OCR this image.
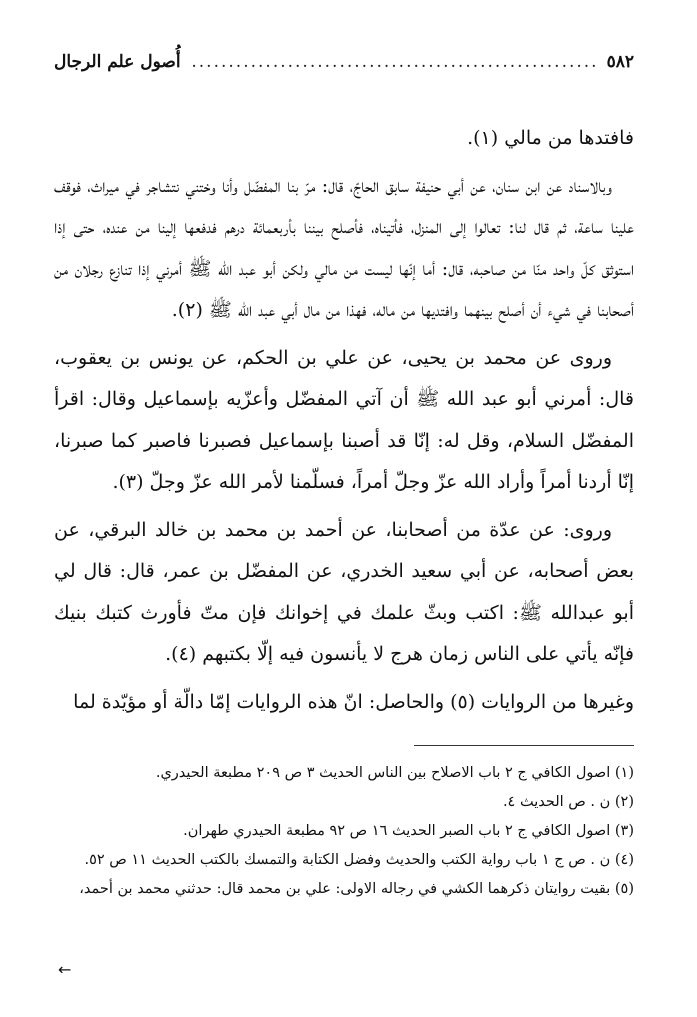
٥٨٢
.....
أُصول علم الرجال

فافتدها من مالي (١).

وبالاسناد عن ابن سنان، عن أبي حنيفة سابق الحاجّ، قال: مرّ بنا المفضّل وأنا وختني نتشاجر في ميراث، فوقف علينا ساعة، ثم قال لنا: تعالوا إلى المنزل، فأتيناه، فأصلح بيننا بأربعمائة درهم فدفعها إلينا من عنده، حتى إذا استوثق كلّ واحد منّا من صاحبه، قال: أما إنّها ليست من مالي ولكن أبو عبد الله ﷺ أمرني إذا تنازع رجلان من أصحابنا في شيء أن أصلح بينهما وافتديها من ماله، فهذا من مال أبي عبد الله ﷺ (٢).

وروى عن محمد بن يحيى، عن علي بن الحكم، عن يونس بن يعقوب، قال: أمرني أبو عبد الله ﷺ أن آتي المفضّل وأعزّيه بإسماعيل وقال: اقرأ المفضّل السلام، وقل له: إنّا قد أصبنا بإسماعيل فصبرنا فاصبر كما صبرنا، إنّا أردنا أمراً وأراد الله عزّ وجلّ أمراً، فسلّمنا لأمر الله عزّ وجلّ (٣).

وروى: عن عدّة من أصحابنا، عن أحمد بن محمد بن خالد البرقي، عن بعض أصحابه، عن أبي سعيد الخدري، عن المفضّل بن عمر، قال: قال لي أبو عبدالله ﷺ: اكتب وبثّ علمك في إخوانك فإن متّ فأورث كتبك بنيك فإنّه يأتي على الناس زمان هرج لا يأنسون فيه إلّا بكتبهم (٤).

وغيرها من الروايات (٥) والحاصل: انّ هذه الروايات إمّا دالّة أو مؤيّدة لما

(١) اصول الكافي ج ٢ باب الاصلاح بين الناس الحديث ٣ ص ٢٠٩ مطبعة الحيدري.

(٢) ن . ص الحديث ٤.

(٣) اصول الكافي ج ٢ باب الصبر الحديث ١٦ ص ٩٢ مطبعة الحيدري طهران.

(٤) ن . ص ج ١ باب رواية الكتب والحديث وفضل الكتابة والتمسك بالكتب الحديث ١١ ص ٥٢.

(٥) بقيت روايتان ذكرهما الكشي في رجاله الاولى: علي بن محمد قال: حدثني محمد بن أحمد،

←
